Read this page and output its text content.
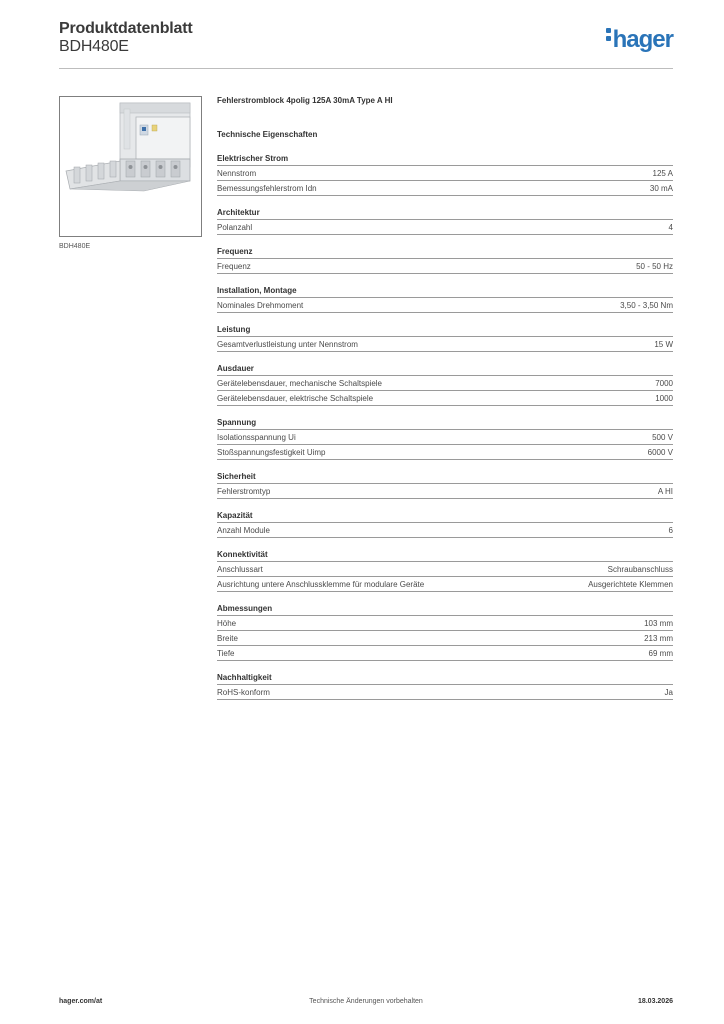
Produktdatenblatt
BDH480E	hager
BDH480E
Fehlerstromblock 4polig 125A 30mA Type A HI
Technische Eigenschaften
Elektrischer Strom
Nennstrom	125 A
Bemessungsfehlerstrom Idn	30 mA
Architektur
Polanzahl	4
Frequenz
Frequenz	50 - 50 Hz
Installation, Montage
Nominales Drehmoment	3,50 - 3,50 Nm
Leistung
Gesamtverlustleistung unter Nennstrom	15 W
Ausdauer
Gerätelebensdauer, mechanische Schaltspiele	7000
Gerätelebensdauer, elektrische Schaltspiele	1000
Spannung
Isolationsspannung Ui	500 V
Stoßspannungsfestigkeit Uimp	6000 V
Sicherheit
Fehlerstromtyp	A HI
Kapazität
Anzahl Module	6
Konnektivität
Anschlussart	Schraubanschluss
Ausrichtung untere Anschlussklemme für modulare Geräte	Ausgerichtete Klemmen
Abmessungen
Höhe	103 mm
Breite	213 mm
Tiefe	69 mm
Nachhaltigkeit
RoHS-konform	Ja
hager.com/at	Technische Änderungen vorbehalten	18.03.2026
